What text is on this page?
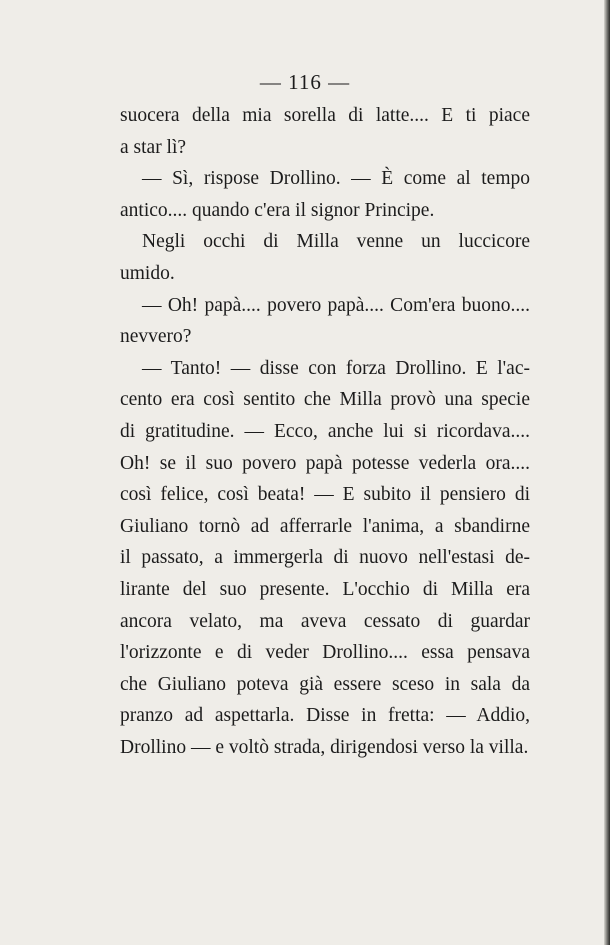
— 116 —
suocera della mia sorella di latte.... E ti piace
a star lì?
— Sì, rispose Drollino. — È come al tempo
antico.... quando c'era il signor Principe.
Negli occhi di Milla venne un luccicore
umido.
— Oh! papà.... povero papà.... Com'era buono....
nevvero?
— Tanto! — disse con forza Drollino. E l'ac-
cento era così sentito che Milla provò una specie
di gratitudine. — Ecco, anche lui si ricordava....
Oh! se il suo povero papà potesse vederla ora....
così felice, così beata! — E subito il pensiero di
Giuliano tornò ad afferrarle l'anima, a sbandirne
il passato, a immergerla di nuovo nell'estasi de-
lirante del suo presente. L'occhio di Milla era
ancora velato, ma aveva cessato di guardar
l'orizzonte e di veder Drollino.... essa pensava
che Giuliano poteva già essere sceso in sala da
pranzo ad aspettarla. Disse in fretta: — Addio,
Drollino — e voltò strada, dirigendosi verso la villa.
